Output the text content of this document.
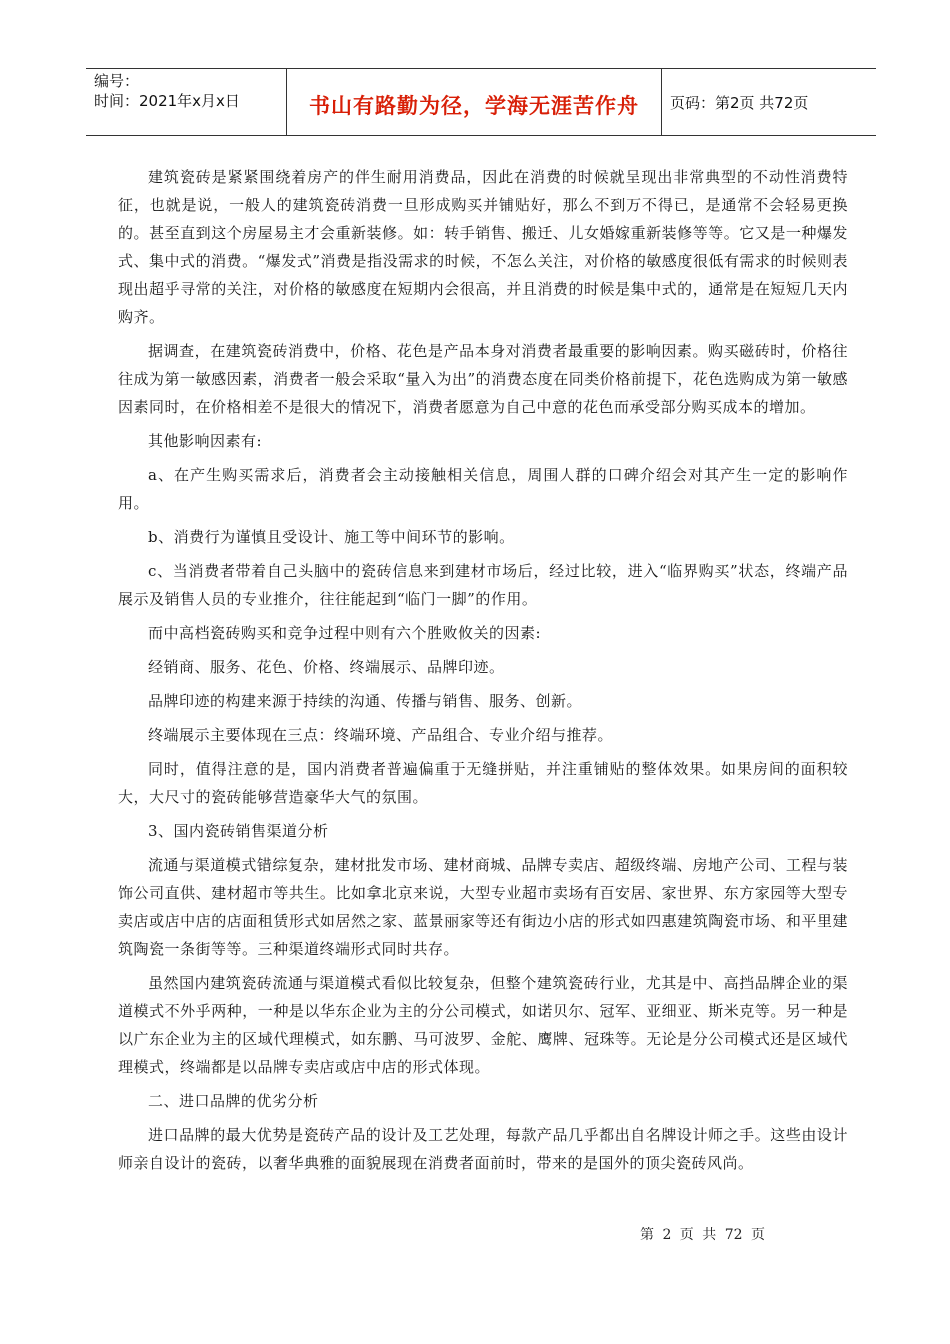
编号：
时间：2021年x月x日	书山有路勤为径，学海无涯苦作舟 页码：第2页 共72页

建筑瓷砖是紧紧围绕着房产的伴生耐用消费品，因此在消费的时候就呈现出非常典型的不动性消费特征，也就是说，一般人的建筑瓷砖消费一旦形成购买并铺贴好，那么不到万不得已，是通常不会轻易更换的。甚至直到这个房屋易主才会重新装修。如：转手销售、搬迁、儿女婚嫁重新装修等等。它又是一种爆发式、集中式的消费。“爆发式”消费是指没需求的时候，不怎么关注，对价格的敏感度很低有需求的时候则表现出超乎寻常的关注，对价格的敏感度在短期内会很高，并且消费的时候是集中式的，通常是在短短几天内购齐。

据调查，在建筑瓷砖消费中，价格、花色是产品本身对消费者最重要的影响因素。购买磁砖时，价格往往成为第一敏感因素，消费者一般会采取“量入为出”的消费态度在同类价格前提下，花色选购成为第一敏感因素同时，在价格相差不是很大的情况下，消费者愿意为自己中意的花色而承受部分购买成本的增加。

其他影响因素有:

a、在产生购买需求后，消费者会主动接触相关信息，周围人群的口碑介绍会对其产生一定的影响作用。

b、消费行为谨慎且受设计、施工等中间环节的影响。

c、当消费者带着自己头脑中的瓷砖信息来到建材市场后，经过比较，进入“临界购买”状态，终端产品展示及销售人员的专业推介，往往能起到“临门一脚”的作用。

而中高档瓷砖购买和竞争过程中则有六个胜败攸关的因素:

经销商、服务、花色、价格、终端展示、品牌印迹。

品牌印迹的构建来源于持续的沟通、传播与销售、服务、创新。

终端展示主要体现在三点：终端环境、产品组合、专业介绍与推荐。

同时，值得注意的是，国内消费者普遍偏重于无缝拼贴，并注重铺贴的整体效果。如果房间的面积较大，大尺寸的瓷砖能够营造豪华大气的氛围。

3、国内瓷砖销售渠道分析

流通与渠道模式错综复杂，建材批发市场、建材商城、品牌专卖店、超级终端、房地产公司、工程与装饰公司直供、建材超市等共生。比如拿北京来说，大型专业超市卖场有百安居、家世界、东方家园等大型专卖店或店中店的店面租赁形式如居然之家、蓝景丽家等还有街边小店的形式如四惠建筑陶瓷市场、和平里建筑陶瓷一条街等等。三种渠道终端形式同时共存。

虽然国内建筑瓷砖流通与渠道模式看似比较复杂，但整个建筑瓷砖行业，尤其是中、高挡品牌企业的渠道模式不外乎两种，一种是以华东企业为主的分公司模式，如诺贝尔、冠军、亚细亚、斯米克等。另一种是以广东企业为主的区域代理模式，如东鹏、马可波罗、金舵、鹰牌、冠珠等。无论是分公司模式还是区域代理模式，终端都是以品牌专卖店或店中店的形式体现。

二、进口品牌的优劣分析

进口品牌的最大优势是瓷砖产品的设计及工艺处理，每款产品几乎都出自名牌设计师之手。这些由设计师亲自设计的瓷砖，以奢华典雅的面貌展现在消费者面前时，带来的是国外的顶尖瓷砖风尚。

第 2 页 共 72 页
